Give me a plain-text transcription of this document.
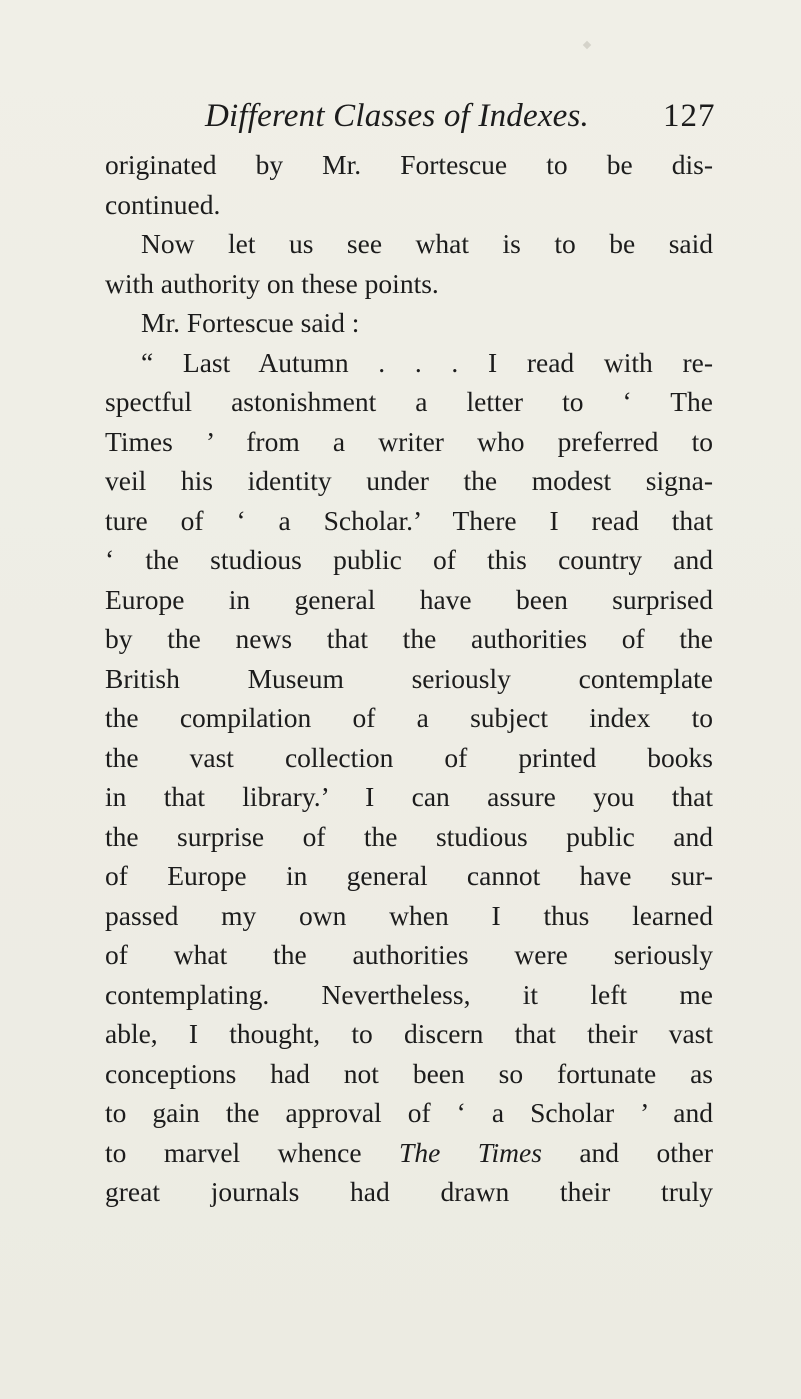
Different Classes of Indexes. 127
originated by Mr. Fortescue to be dis-
continued.
Now let us see what is to be said
with authority on these points.
Mr. Fortescue said :
“ Last Autumn . . . I read with re-
spectful astonishment a letter to ‘ The
Times ’ from a writer who preferred to
veil his identity under the modest signa-
ture of ‘ a Scholar.’ There I read that
‘ the studious public of this country and
Europe in general have been surprised
by the news that the authorities of the
British Museum seriously contemplate
the compilation of a subject index to
the vast collection of printed books
in that library.’ I can assure you that
the surprise of the studious public and
of Europe in general cannot have sur-
passed my own when I thus learned
of what the authorities were seriously
contemplating. Nevertheless, it left me
able, I thought, to discern that their vast
conceptions had not been so fortunate as
to gain the approval of ‘ a Scholar ’ and
to marvel whence The Times and other
great journals had drawn their truly
